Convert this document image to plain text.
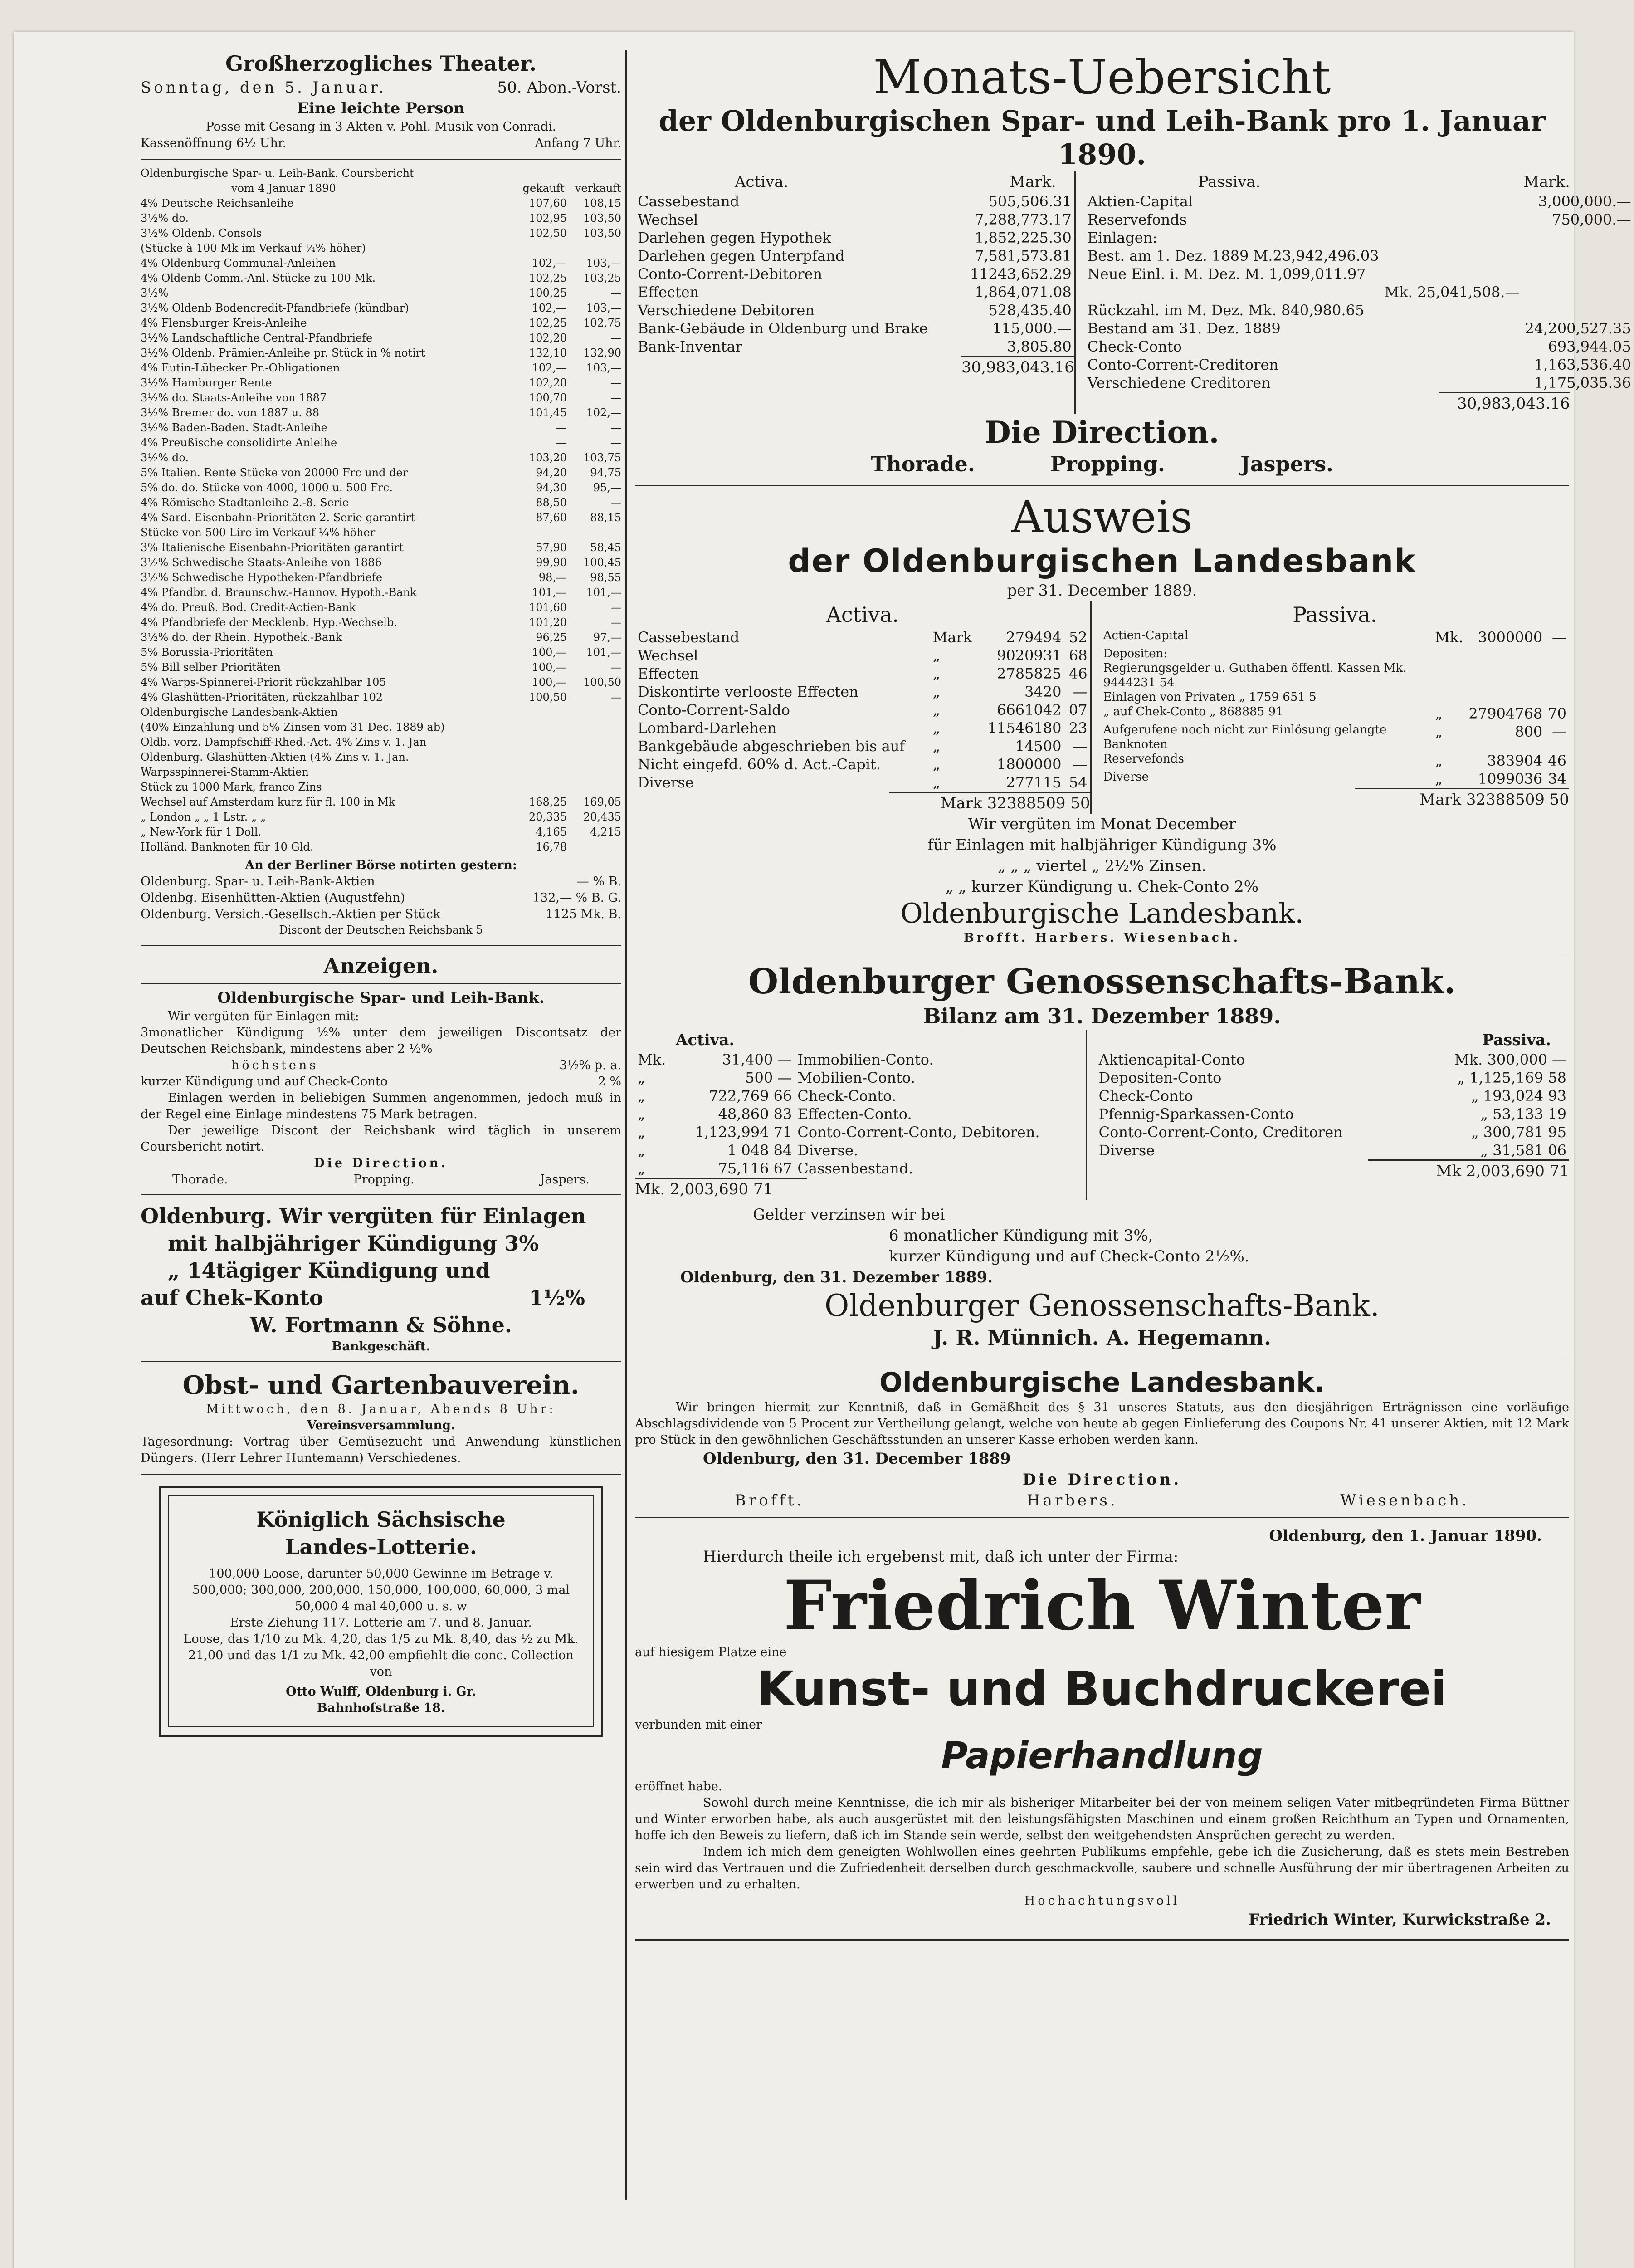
Großherzogliches Theater.
Sonntag, den 5. Januar.	50. Abon.-Vorst.
Eine leichte Person
Posse mit Gesang in 3 Akten v. Pohl. Musik von Conradi.
Kassenöffnung 6½ Uhr.	Anfang 7 Uhr.
Oldenburgische Spar- u. Leih-Bank. Coursbericht
vom 4 Januar 1890	gekauft verkauft
4% Deutsche Reichsanleihe	107,60 108,15
3½% do.	102,95 103,50
3½% Oldenb. Consols	102,50 103,50
(Stücke à 100 Mk im Verkauf ¼% höher)
4% Oldenburg Communal-Anleihen	102,— 103,—
4% Oldenb Comm.-Anl. Stücke zu 100 Mk.	102,25 103,25
3½%	100,25	—
3½% Oldenb Bodencredit-Pfandbriefe (kündbar)	102,— 103,—
4% Flensburger Kreis-Anleihe	102,25 102,75
3½% Landschaftliche Central-Pfandbriefe	102,20	—
3½% Oldenb. Prämien-Anleihe pr. Stück in % notirt	132,10 132,90
4% Eutin-Lübecker Pr.-Obligationen	102,— 103,—
3½% Hamburger Rente	102,20	—
3½% do. Staats-Anleihe von 1887	100,70	—
3½% Bremer do. von 1887 u. 88	101,45 102,—
3½% Baden-Baden. Stadt-Anleihe	—	—
4% Preußische consolidirte Anleihe	—	—
3½% do.	103,20 103,75
5% Italien. Rente Stücke von 20000 Frc und der	94,20 94,75
5% do. do. Stücke von 4000, 1000 u. 500 Frc.	94,30 95,—
4% Römische Stadtanleihe 2.-8. Serie	88,50	—
4% Sard. Eisenbahn-Prioritäten 2. Serie garantirt	87,60 88,15
Stücke von 500 Lire im Verkauf ¼% höher
3% Italienische Eisenbahn-Prioritäten garantirt	57,90 58,45
3½% Schwedische Staats-Anleihe von 1886	99,90 100,45
3½% Schwedische Hypotheken-Pfandbriefe	98,— 98,55
4% Pfandbr. d. Braunschw.-Hannov. Hypoth.-Bank	101,— 101,—
4% do. Preuß. Bod. Credit-Actien-Bank	101,60	—
4% Pfandbriefe der Mecklenb. Hyp.-Wechselb.	101,20	—
3½% do. der Rhein. Hypothek.-Bank	96,25 97,—
5% Borussia-Prioritäten	100,— 101,—
5% Bill selber Prioritäten	100,—	—
4% Warps-Spinnerei-Priorit rückzahlbar 105	100,— 100,50
4% Glashütten-Prioritäten, rückzahlbar 102	100,50	—
Oldenburgische Landesbank-Aktien
(40% Einzahlung und 5% Zinsen vom 31 Dec. 1889 ab)
Oldb. vorz. Dampfschiff-Rhed.-Act. 4% Zins v. 1. Jan
Oldenburg. Glashütten-Aktien (4% Zins v. 1. Jan.
Warpsspinnerei-Stamm-Aktien
Stück zu 1000 Mark, franco Zins
Wechsel auf Amsterdam kurz für fl. 100 in Mk	168,25 169,05
„ London „ „ 1 Lstr. „ „	20,335 20,435
„ New-York für 1 Doll.	4,165 4,215
Holländ. Banknoten für 10 Gld.	16,78
An der Berliner Börse notirten gestern:
Oldenburg. Spar- u. Leih-Bank-Aktien	— % B.
Oldenbg. Eisenhütten-Aktien (Augustfehn)	132,— % B. G.
Oldenburg. Versich.-Gesellsch.-Aktien per Stück	1125 Mk. B.
Discont der Deutschen Reichsbank 5
Anzeigen.
Oldenburgische Spar- und Leih-Bank.
Wir vergüten für Einlagen mit:
3monatlicher Kündigung ½% unter dem jeweiligen Discontsatz der Deutschen Reichsbank, mindestens aber 2 ½%
höchstens	3½% p. a.
kurzer Kündigung und auf Check-Conto	2 %
Einlagen werden in beliebigen Summen angenommen, jedoch muß in der Regel eine Einlage mindestens 75 Mark betragen.
Der jeweilige Discont der Reichsbank wird täglich in unserem Coursbericht notirt.
Die Direction.
Thorade.	Propping.	Jaspers.
Oldenburg. Wir vergüten für Einlagen
mit halbjähriger Kündigung 3%
„ 14tägiger Kündigung und
auf Chek-Konto	1½%
W. Fortmann & Söhne.
Bankgeschäft.
Obst- und Gartenbauverein.
Mittwoch, den 8. Januar, Abends 8 Uhr:
Vereinsversammlung.
Tagesordnung: Vortrag über Gemüsezucht und Anwendung künstlichen Düngers. (Herr Lehrer Huntemann) Verschiedenes.
Königlich Sächsische
Landes-Lotterie.
100,000 Loose, darunter 50,000 Gewinne im Betrage v. 500,000; 300,000, 200,000, 150,000, 100,000, 60,000, 3 mal 50,000 4 mal 40,000 u. s. w
Erste Ziehung 117. Lotterie am 7. und 8. Januar.
Loose, das 1/10 zu Mk. 4,20, das 1/5 zu Mk. 8,40, das ½ zu Mk. 21,00 und das 1/1 zu Mk. 42,00 empfiehlt die conc. Collection von
Otto Wulff, Oldenburg i. Gr.
Bahnhofstraße 18.
Monats-Uebersicht
der Oldenburgischen Spar- und Leih-Bank pro 1. Januar 1890.
Activa.	Mark.
Cassebestand	505,506.31
Wechsel	7,288,773.17
Darlehen gegen Hypothek	1,852,225.30
Darlehen gegen Unterpfand	7,581,573.81
Conto-Corrent-Debitoren	11243,652.29
Effecten	1,864,071.08
Verschiedene Debitoren	528,435.40
Bank-Gebäude in Oldenburg und Brake	115,000.—
Bank-Inventar	3,805.80
30,983,043.16
Passiva.	Mark.
Aktien-Capital		3,000,000.—
Reservefonds		750,000.—
Einlagen:		
Best. am 1. Dez. 1889 M.23,942,496.03		
Neue Einl. i. M. Dez. M. 1,099,011.97		
	Mk. 25,041,508.—	
Rückzahl. im M. Dez. Mk. 840,980.65		
Bestand am 31. Dez. 1889		24,200,527.35
Check-Conto		693,944.05
Conto-Corrent-Creditoren		1,163,536.40
Verschiedene Creditoren		1,175,035.36
30,983,043.16
Die Direction.
Thorade.	Propping.	Jaspers.
Ausweis
der Oldenburgischen Landesbank
per 31. December 1889.
Activa.
Cassebestand	Mark	279494	52
Wechsel	„	9020931	68
Effecten	„	2785825	46
Diskontirte verlooste Effecten	„	3420	—
Conto-Corrent-Saldo	„	6661042	07
Lombard-Darlehen	„	11546180	23
Bankgebäude abgeschrieben bis auf	„	14500	—
Nicht eingefd. 60% d. Act.-Capit.	„	1800000	—
Diverse	„	277115	54
Mark 32388509 50
Passiva.
Actien-Capital	Mk.	3000000	—
Depositen:			
Regierungsgelder u. Guthaben öffentl. Kassen Mk. 9444231 54			
Einlagen von Privaten „ 1759 651 5			
„ auf Chek-Conto „ 868885 91	„	27904768	70
Aufgerufene noch nicht zur Einlösung gelangte Banknoten	„	800	—
Reservefonds	„	383904	46
Diverse	„	1099036	34
Mark 32388509 50
Wir vergüten im Monat December
für Einlagen mit halbjähriger Kündigung 3%
„ „ „ viertel „ 2½% Zinsen.
„ „ kurzer Kündigung u. Chek-Conto 2%
Oldenburgische Landesbank.
Brofft. Harbers. Wiesenbach.
Oldenburger Genossenschafts-Bank.
Bilanz am 31. Dezember 1889.
Activa.
Mk.	31,400 —	Immobilien-Conto.
„	500 —	Mobilien-Conto.
„	722,769 66	Check-Conto.
„	48,860 83	Effecten-Conto.
„	1,123,994 71	Conto-Corrent-Conto, Debitoren.
„	1 048 84	Diverse.
„	75,116 67	Cassenbestand.
Mk. 2,003,690 71
Passiva.
Aktiencapital-Conto	Mk. 300,000 —
Depositen-Conto	„ 1,125,169 58
Check-Conto	„ 193,024 93
Pfennig-Sparkassen-Conto	„ 53,133 19
Conto-Corrent-Conto, Creditoren	„ 300,781 95
Diverse	„ 31,581 06
Mk 2,003,690 71
Gelder verzinsen wir bei
6 monatlicher Kündigung mit 3%,
kurzer Kündigung und auf Check-Conto 2½%.
Oldenburg, den 31. Dezember 1889.
Oldenburger Genossenschafts-Bank.
J. R. Münnich. A. Hegemann.
Oldenburgische Landesbank.
Wir bringen hiermit zur Kenntniß, daß in Gemäßheit des § 31 unseres Statuts, aus den diesjährigen Erträgnissen eine vorläufige Abschlagsdividende von 5 Procent zur Vertheilung gelangt, welche von heute ab gegen Einlieferung des Coupons Nr. 41 unserer Aktien, mit 12 Mark pro Stück in den gewöhnlichen Geschäftsstunden an unserer Kasse erhoben werden kann.
Oldenburg, den 31. December 1889
Die Direction.
Brofft.	Harbers.	Wiesenbach.
Oldenburg, den 1. Januar 1890.
Hierdurch theile ich ergebenst mit, daß ich unter der Firma:
Friedrich Winter
auf hiesigem Platze eine
Kunst- und Buchdruckerei
verbunden mit einer
Papierhandlung
eröffnet habe.
Sowohl durch meine Kenntnisse, die ich mir als bisheriger Mitarbeiter bei der von meinem seligen Vater mitbegründeten Firma Büttner und Winter erworben habe, als auch ausgerüstet mit den leistungsfähigsten Maschinen und einem großen Reichthum an Typen und Ornamenten, hoffe ich den Beweis zu liefern, daß ich im Stande sein werde, selbst den weitgehendsten Ansprüchen gerecht zu werden.
Indem ich mich dem geneigten Wohlwollen eines geehrten Publikums empfehle, gebe ich die Zusicherung, daß es stets mein Bestreben sein wird das Vertrauen und die Zufriedenheit derselben durch geschmackvolle, saubere und schnelle Ausführung der mir übertragenen Arbeiten zu erwerben und zu erhalten.
Hochachtungsvoll
Friedrich Winter, Kurwickstraße 2.
